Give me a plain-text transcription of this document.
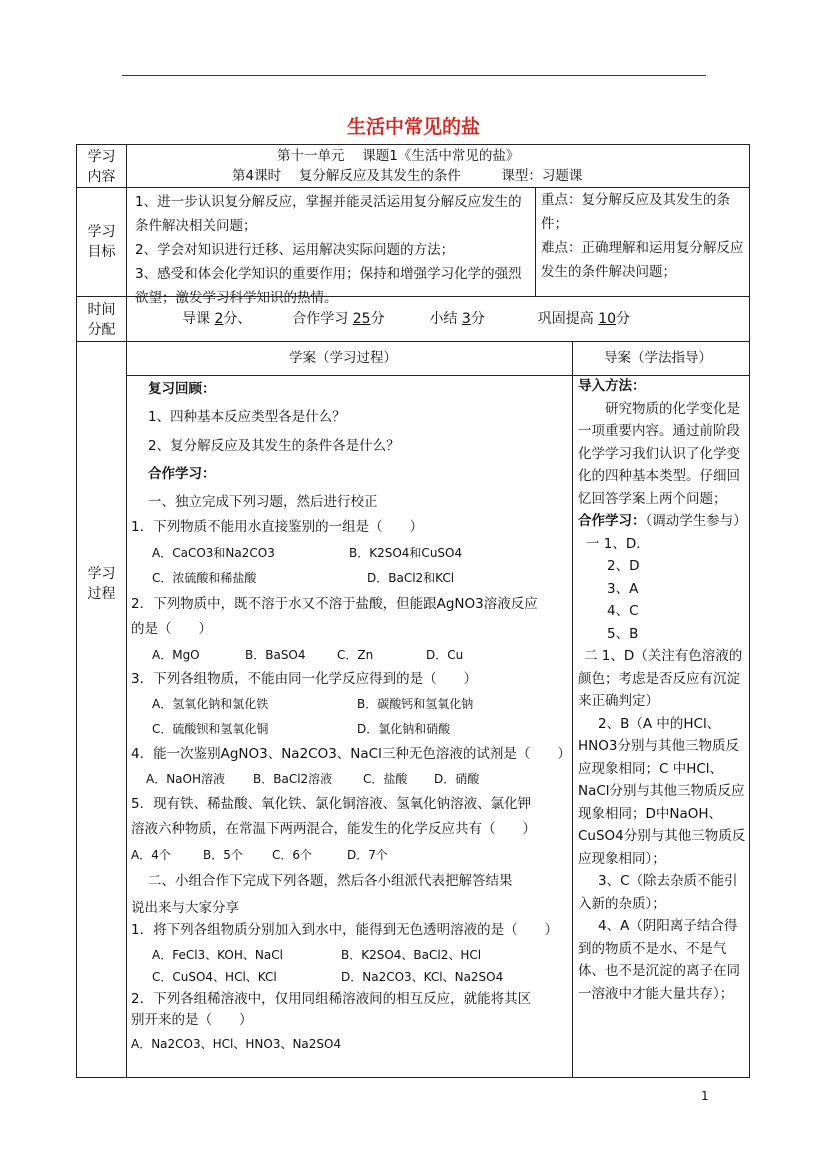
生活中常见的盐
学习
内容
第十一单元　 课题1《生活中常见的盐》
第4课时　 复分解反应及其发生的条件　　　课型：习题课
学习
目标
1、进一步认识复分解反应，掌握并能灵活运用复分解反应发生的条件解决相关问题；
2、学会对知识进行迁移、运用解决实际问题的方法；
3、感受和体会化学知识的重要作用；保持和增强学习化学的强烈欲望；激发学习科学知识的热情。
重点：复分解反应及其发生的条件；
难点：正确理解和运用复分解反应发生的条件解决问题；
时间
分配
导课 2分、	合作学习 25分	小结 3分	巩固提高 10分
学习
过程
学案（学习过程）	导案（学法指导）
复习回顾：
1、四种基本反应类型各是什么？
2、复分解反应及其发生的条件各是什么？
合作学习：
一、独立完成下列习题，然后进行校正
1．下列物质不能用水直接鉴别的一组是（　　）
A．CaCO3和Na2CO3	B．K2SO4和CuSO4
C．浓硫酸和稀盐酸	D．BaCl2和KCl
2．下列物质中，既不溶于水又不溶于盐酸，但能跟AgNO3溶液反应
的是（　　）
A．MgO	B．BaSO4	C．Zn	D．Cu
3．下列各组物质，不能由同一化学反应得到的是（　　）
A．氢氧化钠和氯化铁	B．碳酸钙和氢氧化钠
C．硫酸钡和氢氧化铜	D．氯化钠和硝酸
4．能一次鉴别AgNO3、Na2CO3、NaCl三种无色溶液的试剂是（　　）
A．NaOH溶液 B．BaCl2溶液	C．盐酸 D．硝酸
5．现有铁、稀盐酸、氧化铁、氯化铜溶液、氢氧化钠溶液、氯化钾
溶液六种物质，在常温下两两混合，能发生的化学反应共有（　　）
A．4个	B．5个 C．6个	D．7个
二、小组合作下完成下列各题，然后各小组派代表把解答结果
说出来与大家分享
1．将下列各组物质分别加入到水中，能得到无色透明溶液的是（　　）
A．FeCl3、KOH、NaCl	B．K2SO4、BaCl2、HCl
C．CuSO4、HCl、KCl	D．Na2CO3、KCl、Na2SO4
2．下列各组稀溶液中，仅用同组稀溶液间的相互反应，就能将其区
别开来的是（　　）
A．Na2CO3、HCl、HNO3、Na2SO4
导入方法：
研究物质的化学变化是一项重要内容。通过前阶段化学学习我们认识了化学变化的四种基本类型。仔细回忆回答学案上两个问题；
合作学习：（调动学生参与）
一 1、D.
2、D
3、A
4、C
5、B
二 1、D（关注有色溶液的颜色；考虑是否反应有沉淀来正确判定）
2、B（A 中的HCl、HNO3分别与其他三物质反应现象相同；C 中HCl、NaCl分别与其他三物质反应现象相同；D中NaOH、CuSO4分别与其他三物质反应现象相同）；
3、C（除去杂质不能引入新的杂质）；
4、A（阴阳离子结合得到的物质不是水、不是气体、也不是沉淀的离子在同一溶液中才能大量共存）；
1
